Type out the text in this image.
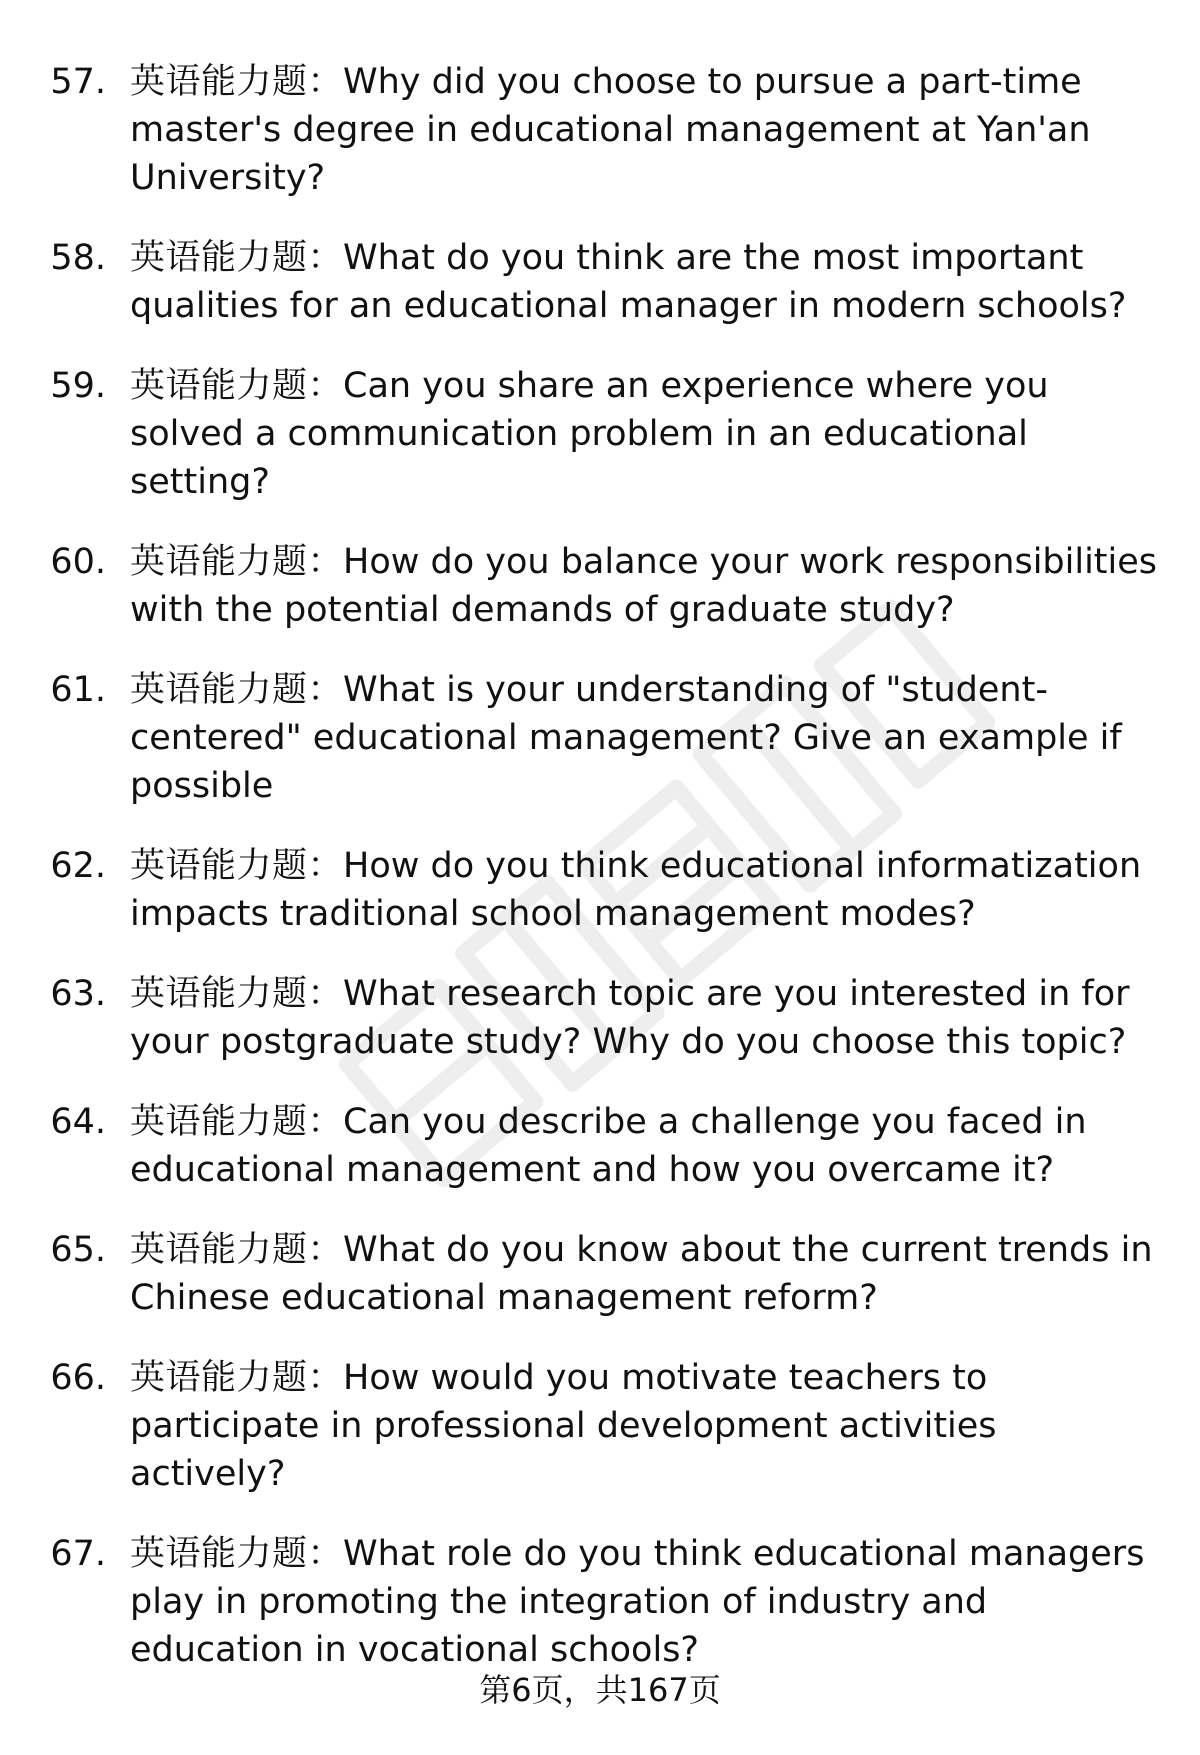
57. 英语能力题：Why did you choose to pursue a part-time master's degree in educational management at Yan'an University?
58. 英语能力题：What do you think are the most important qualities for an educational manager in modern schools?
59. 英语能力题：Can you share an experience where you solved a communication problem in an educational setting?
60. 英语能力题：How do you balance your work responsibilities with the potential demands of graduate study?
61. 英语能力题：What is your understanding of "student-centered" educational management? Give an example if possible
62. 英语能力题：How do you think educational informatization impacts traditional school management modes?
63. 英语能力题：What research topic are you interested in for your postgraduate study? Why do you choose this topic?
64. 英语能力题：Can you describe a challenge you faced in educational management and how you overcame it?
65. 英语能力题：What do you know about the current trends in Chinese educational management reform?
66. 英语能力题：How would you motivate teachers to participate in professional development activities actively?
67. 英语能力题：What role do you think educational managers play in promoting the integration of industry and education in vocational schools?
第6页，共167页
